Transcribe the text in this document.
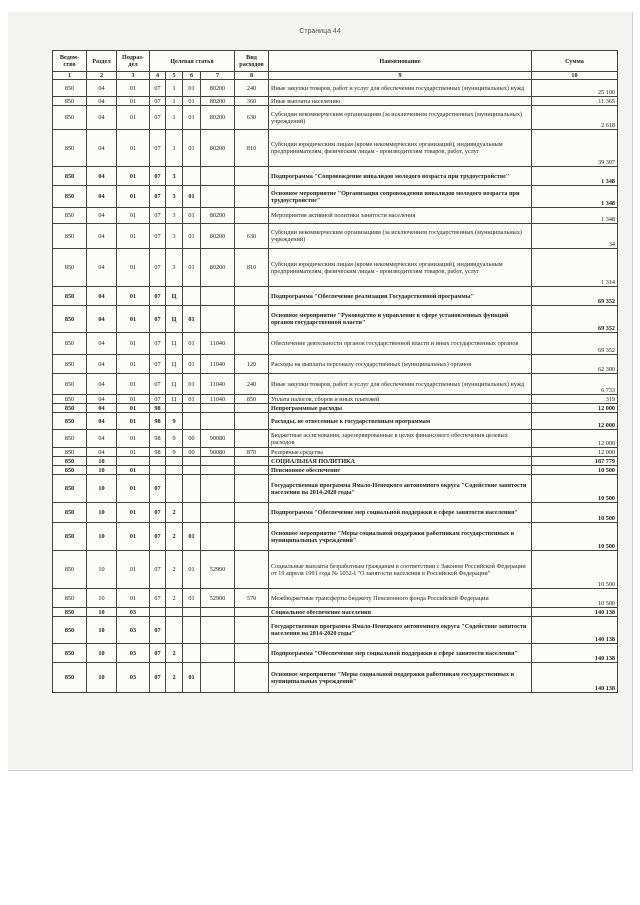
Страница 44
Ведом-ство	Раздел	Подраз-дел	Целевая статья				Вид расходов	Наименование	Сумма
1	2	3	4	5	6	7	8	9	10
850	04	01	07	1	01	80200	240	Иные закупки товаров, работ и услуг для обеспечения государственных (муниципальных) нужд	25 100
850	04	01	07	1	01	80200	360	Иные выплаты населению	11 365
850	04	01	07	1	01	80200	630	Субсидии некоммерческим организациям (за исключением государственных (муниципальных) учреждений)	2 618
850	04	01	07	1	01	80200	810	Субсидии юридическим лицам (кроме некоммерческих организаций), индивидуальным предпринимателям, физическим лицам - производителям товаров, работ, услуг	39 307
850	04	01	07	3				Подпрограмма "Сопровождение инвалидов молодого возраста при трудоустройстве"	1 348
850	04	01	07	3	01			Основное мероприятие "Организация сопровождения инвалидов молодого возраста при трудоустройстве"	1 348
850	04	01	07	3	01	80200		Мероприятия активной политики занятости населения	1 348
850	04	01	07	3	01	80200	630	Субсидии некоммерческим организациям (за исключением государственных (муниципальных) учреждений)	34
850	04	01	07	3	01	80200	810	Субсидии юридическим лицам (кроме некоммерческих организаций), индивидуальным предпринимателям, физическим лицам - производителям товаров, работ, услуг	1 314
850	04	01	07	Ц				Подпрограмма "Обеспечение реализации Государственной программы"	69 352
850	04	01	07	Ц	01			Основное мероприятие "Руководство и управление в сфере установленных функций органов государственной власти"	69 352
850	04	01	07	Ц	01	11040		Обеспечение деятельности органов государственной власти и иных государственных органов	69 352
850	04	01	07	Ц	01	11040	120	Расходы на выплаты персоналу государственных (муниципальных) органов	62 300
850	04	01	07	Ц	01	11040	240	Иные закупки товаров, работ и услуг для обеспечения государственных (муниципальных) нужд	6 733
850	04	01	07	Ц	01	11040	850	Уплата налогов, сборов и иных платежей	319
850	04	01	98					Непрограммные расходы	12 000
850	04	01	98	9				Расходы, не отнесенные к государственным программам	12 000
850	04	01	98	9	00	90080		Бюджетные ассигнования, зарезервированные в целях финансового обеспечения целевых расходов	12 000
850	04	01	98	9	00	90080	870	Резервные средства	12 000
850	10							СОЦИАЛЬНАЯ ПОЛИТИКА	187 779
850	10	01						Пенсионное обеспечение	10 500
850	10	01	07					Государственная программа Ямало-Ненецкого автономного округа "Содействие занятости населения на 2014-2020 годы"	10 500
850	10	01	07	2				Подпрограмма "Обеспечение мер социальной поддержки в сфере занятости населения"	10 500
850	10	01	07	2	01			Основное мероприятие "Меры социальной поддержки работникам государственных и муниципальных учреждений"	10 500
850	10	01	07	2	01	52900		Социальные выплаты безработным гражданам в соответствии с Законом Российской Федерации от 19 апреля 1991 года № 1032-I "О занятости населения в Российской Федерации"	10 500
850	10	01	07	2	01	52900	570	Межбюджетные трансферты бюджету Пенсионного фонда Российской Федерации	10 500
850	10	03						Социальное обеспечение населения	140 138
850	10	03	07					Государственная программа Ямало-Ненецкого автономного округа "Содействие занятости населения на 2014-2020 годы"	140 138
850	10	03	07	2				Подпрограмма "Обеспечение мер социальной поддержки в сфере занятости населения"	140 138
850	10	03	07	2	01			Основное мероприятие "Меры социальной поддержки работникам государственных и муниципальных учреждений"	140 138
